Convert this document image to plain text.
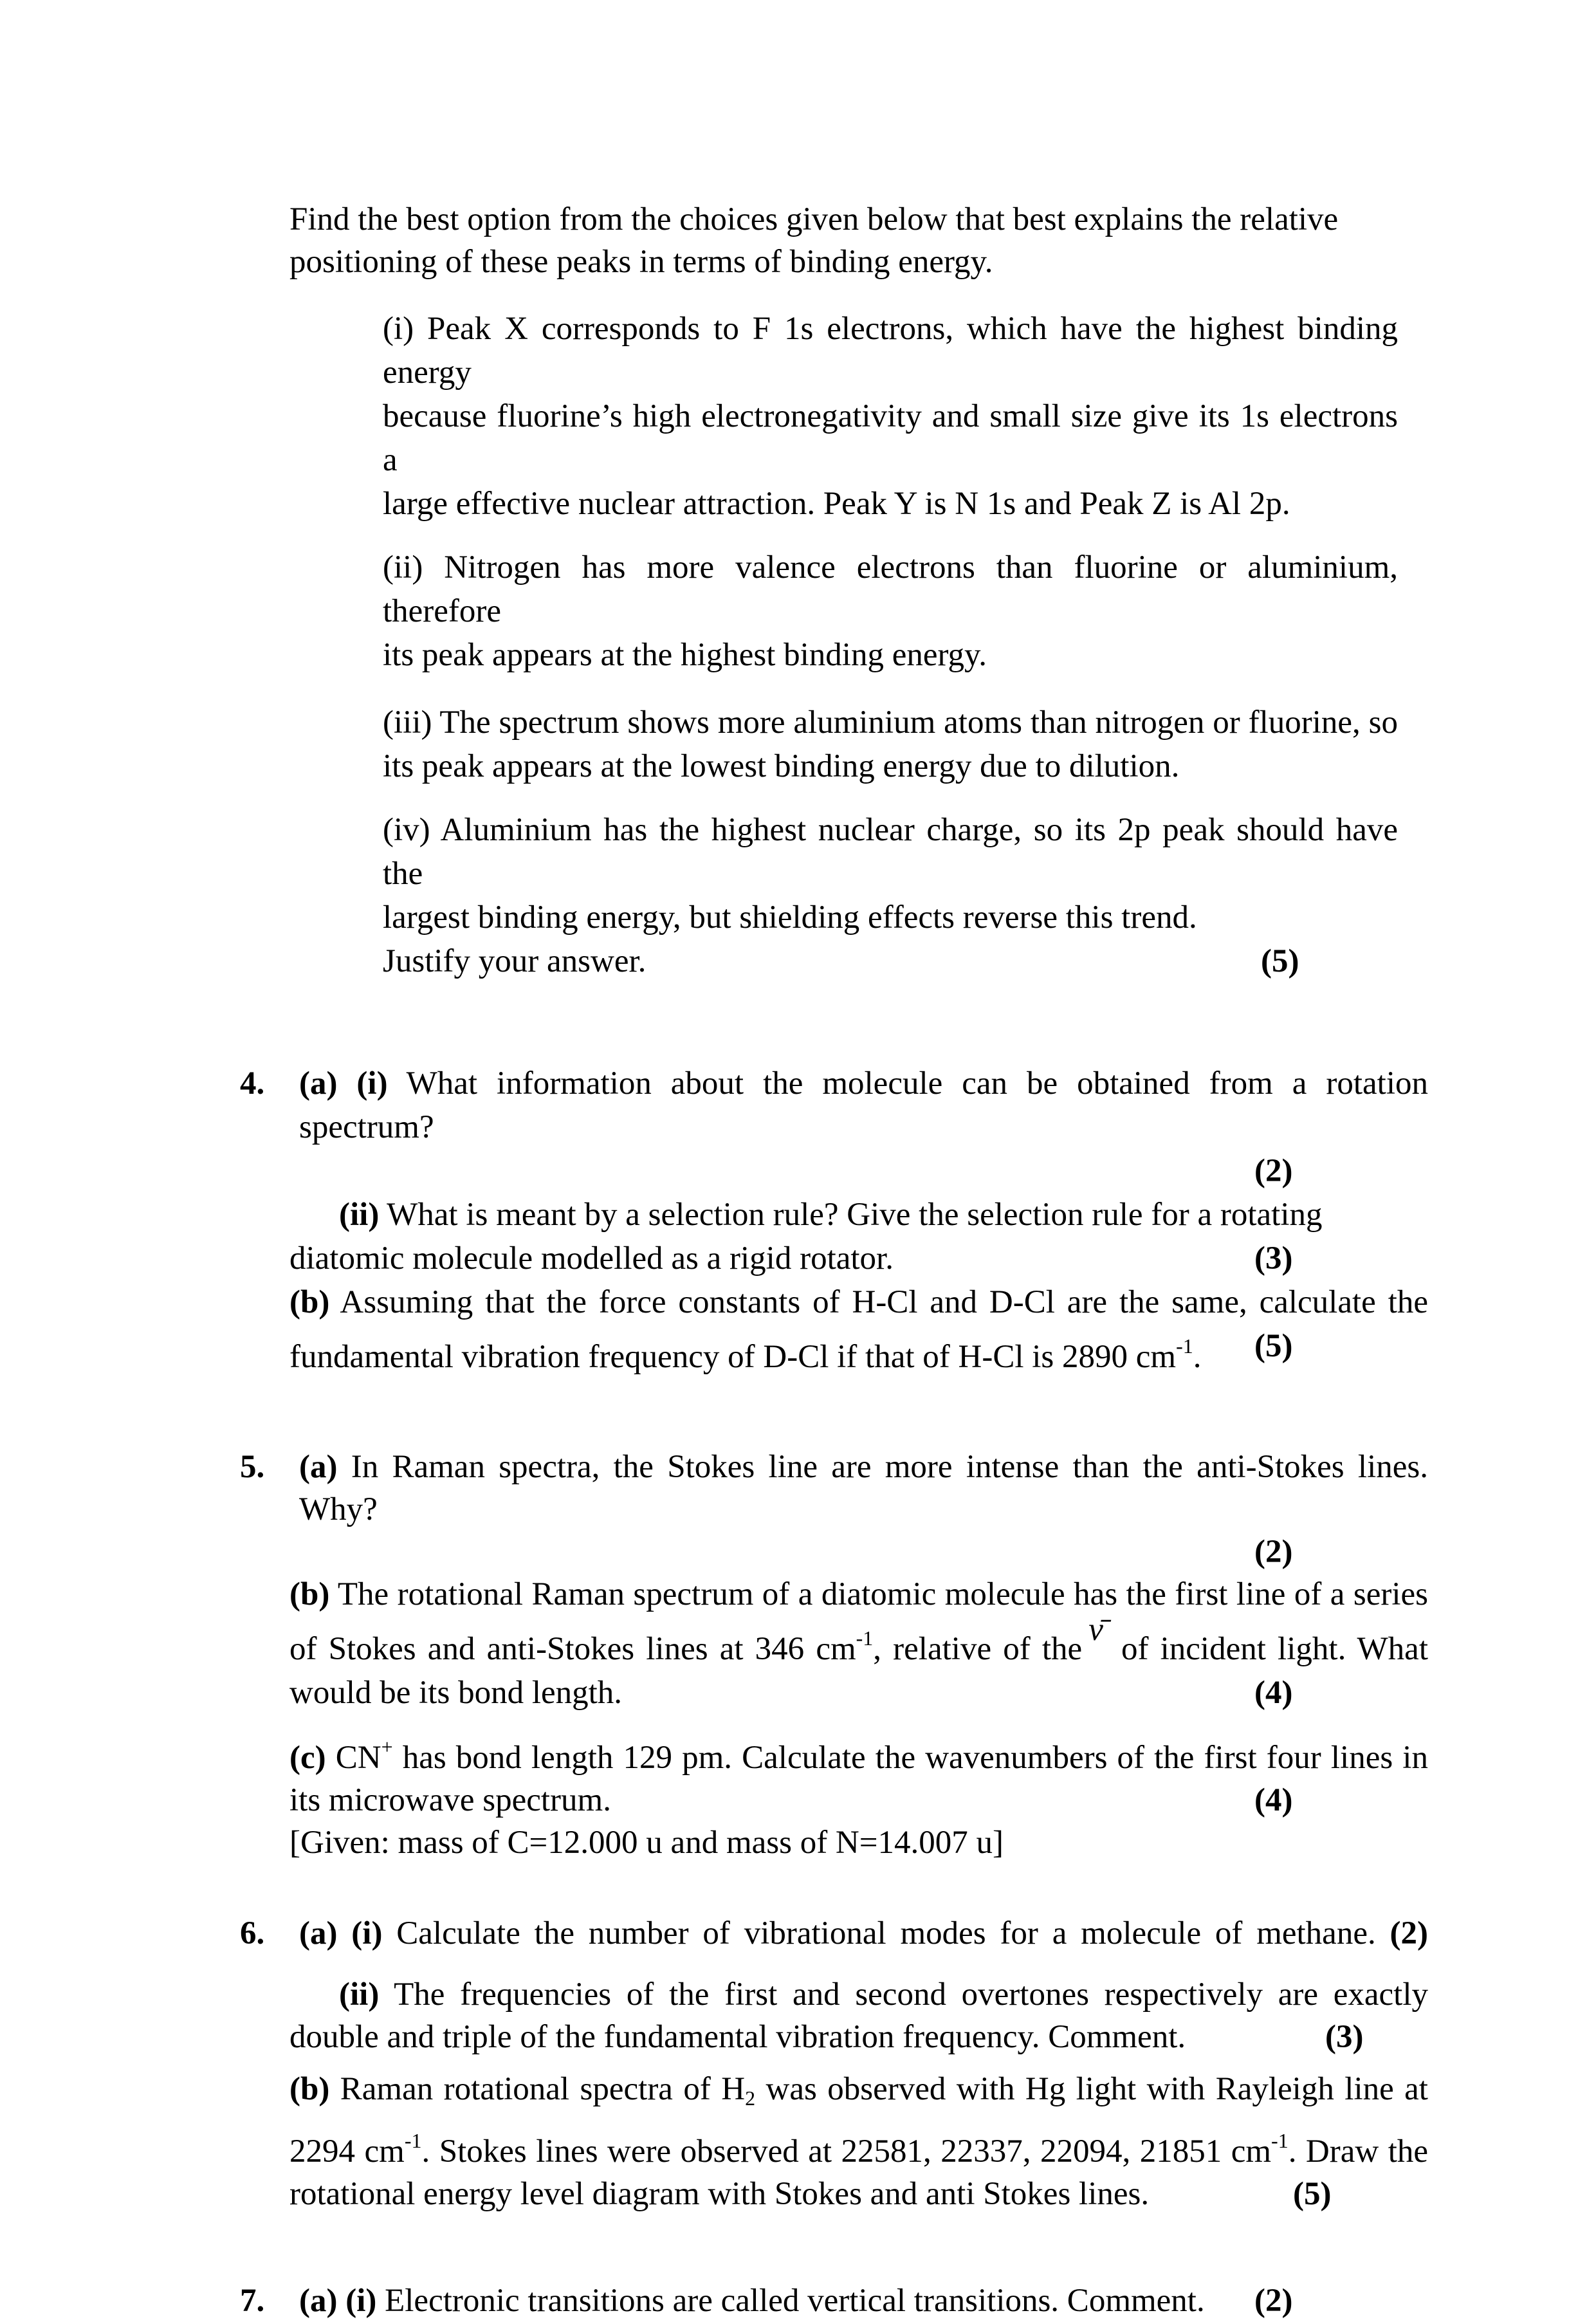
Find the best option from the choices given below that best explains the relative
positioning of these peaks in terms of binding energy.
(i) Peak X corresponds to F 1s electrons, which have the highest binding energy
because fluorine’s high electronegativity and small size give its 1s electrons a
large effective nuclear attraction. Peak Y is N 1s and Peak Z is Al 2p.
(ii) Nitrogen has more valence electrons than fluorine or aluminium, therefore
its peak appears at the highest binding energy.
(iii) The spectrum shows more aluminium atoms than nitrogen or fluorine, so
its peak appears at the lowest binding energy due to dilution.
(iv) Aluminium has the highest nuclear charge, so its 2p peak should have the
largest binding energy, but shielding effects reverse this trend.
Justify your answer.	(5)
4. (a) (i) What information about the molecule can be obtained from a rotation spectrum?
(2)
(ii) What is meant by a selection rule? Give the selection rule for a rotating
diatomic molecule modelled as a rigid rotator.	(3)
(b) Assuming that the force constants of H-Cl and D-Cl are the same, calculate the
fundamental vibration frequency of D-Cl if that of H-Cl is 2890 $cm^{-1}$. (5)
5. (a) In Raman spectra, the Stokes line are more intense than the anti-Stokes lines. Why?
(2)
(b) The rotational Raman spectrum of a diatomic molecule has the first line of a series
of Stokes and anti-Stokes lines at 346 $cm^{-1}$, relative of theν̄ of incident light. What
would be its bond length.	(4)
(c) CN+ has bond length 129 pm. Calculate the wavenumbers of the first four lines in
its microwave spectrum.	(4)
[Given: mass of C=12.000 u and mass of N=14.007 u]
6. (a) (i) Calculate the number of vibrational modes for a molecule of methane. (2)
(ii) The frequencies of the first and second overtones respectively are exactly
double and triple of the fundamental vibration frequency. Comment.	(3)
(b) Raman rotational spectra of $H_2$ was observed with Hg light with Rayleigh line at
2294 $cm^{-1}$. Stokes lines were observed at 22581, 22337, 22094, 21851 $cm^{-1}$. Draw the
rotational energy level diagram with Stokes and anti Stokes lines.	(5)
7. (a) (i) Electronic transitions are called vertical transitions. Comment. (2)
